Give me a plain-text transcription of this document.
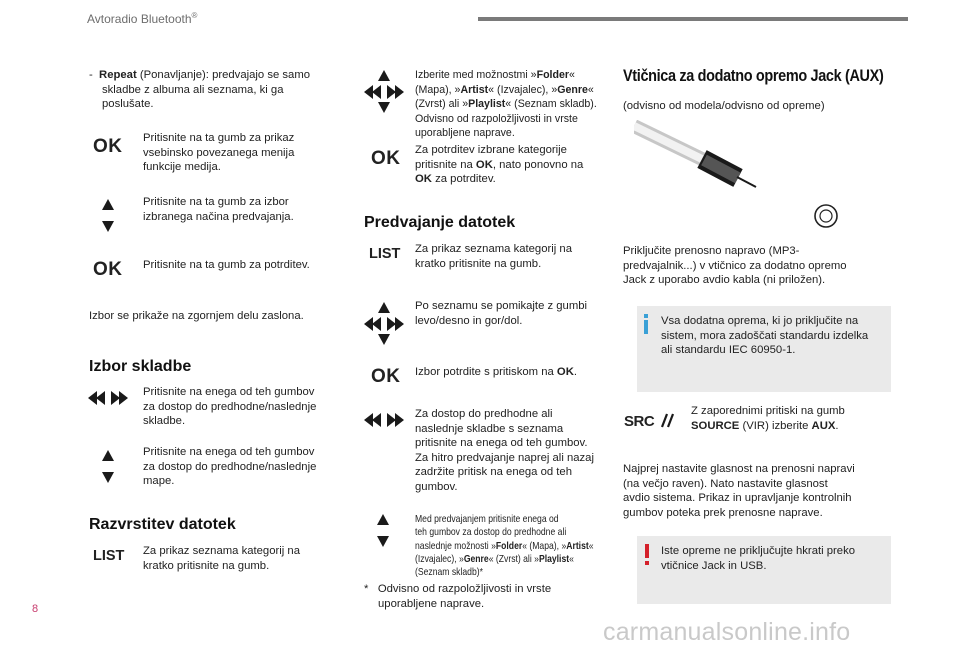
Avtoradio Bluetooth®
- Repeat (Ponavljanje): predvajajo se samo
skladbe z albuma ali seznama, ki ga
poslušate.
OK Pritisnite na ta gumb za prikaz
vsebinsko povezanega menija
funkcije medija.
Pritisnite na ta gumb za izbor
izbranega načina predvajanja.
OK Pritisnite na ta gumb za potrditev.
Izbor se prikaže na zgornjem delu zaslona.
Izbor skladbe
Pritisnite na enega od teh gumbov
za dostop do predhodne/naslednje
skladbe.
Pritisnite na enega od teh gumbov
za dostop do predhodne/naslednje
mape.
Razvrstitev datotek
LIST Za prikaz seznama kategorij na
kratko pritisnite na gumb.
Izberite med možnostmi »Folder«
(Mapa), »Artist« (Izvajalec), »Genre«
(Zvrst) ali »Playlist« (Seznam skladb).
Odvisno od razpoložljivosti in vrste
uporabljene naprave.
OK Za potrditev izbrane kategorije
pritisnite na OK, nato ponovno na
OK za potrditev.
Predvajanje datotek
LIST Za prikaz seznama kategorij na
kratko pritisnite na gumb.
Po seznamu se pomikajte z gumbi
levo/desno in gor/dol.
OK Izbor potrdite s pritiskom na OK.
Za dostop do predhodne ali
naslednje skladbe s seznama
pritisnite na enega od teh gumbov.
Za hitro predvajanje naprej ali nazaj
zadržite pritisk na enega od teh
gumbov.
Med predvajanjem pritisnite enega od
teh gumbov za dostop do predhodne ali
naslednje možnosti »Folder« (Mapa), »Artist«
(Izvajalec), »Genre« (Zvrst) ali »Playlist«
(Seznam skladb)*
* Odvisno od razpoložljivosti in vrste
uporabljene naprave.
Vtičnica za dodatno opremo Jack (AUX)
(odvisno od modela/odvisno od opreme)
Priključite prenosno napravo (MP3-
predvajalnik...) v vtičnico za dodatno opremo
Jack z uporabo avdio kabla (ni priložen).
Vsa dodatna oprema, ki jo priključite na
sistem, mora zadoščati standardu izdelka
ali standardu IEC 60950-1.
SRC
Z zaporednimi pritiski na gumb
SOURCE (VIR) izberite AUX.
Najprej nastavite glasnost na prenosni napravi
(na večjo raven). Nato nastavite glasnost
avdio sistema. Prikaz in upravljanje kontrolnih
gumbov poteka prek prenosne naprave.
Iste opreme ne priključujte hkrati preko
vtičnice Jack in USB.
8
carmanualsonline.info
